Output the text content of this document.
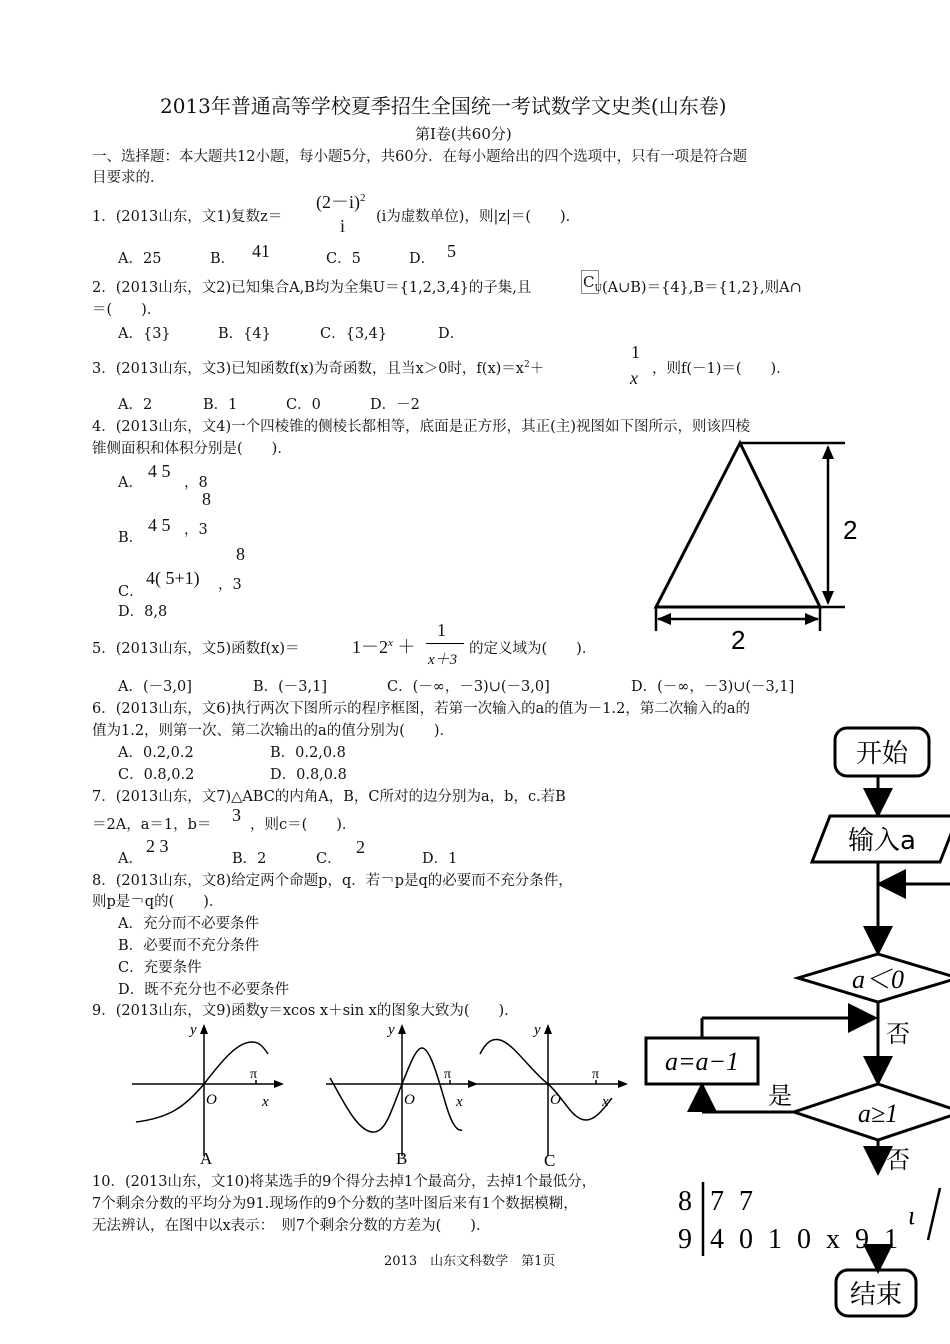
2013年普通高等学校夏季招生全国统一考试数学文史类(山东卷)
第Ⅰ卷(共60分)
一、选择题：本大题共12小题，每小题5分，共60分．在每小题给出的四个选项中，只有一项是符合题
目要求的．
1．(2013山东，文1)复数z＝
$(2-i)^2$
i (i为虚数单位)，则|z|＝(　　)．
A．25	B． 41	C．5	D． 5
2．(2013山东，文2)已知集合A,B均为全集U＝{1,2,3,4}的子集,且	$C_U$ (A∪B)＝{4},B＝{1,2},则A∩
＝(　　)．
A．{3}	B．{4}	C．{3,4}	D．
3．(2013山东，文3)已知函数f(x)为奇函数，且当x＞0时，$f(x)=x^2+$
1
x ，则f(－1)＝(　　)．
A．2	B．1	C．0	D．－2
4．(2013山东，文4)一个四棱锥的侧棱长都相等，底面是正方形，其正(主)视图如下图所示，则该四棱
锥侧面积和体积分别是(　　)．
A．
4 5
，8
8
B．
4 5 ，3
8
C．
4( 5+1) ，3
D．8,8
2
2
5．(2013山东，文5)函数f(x)＝	$1-2^x$ ＋
1
x＋3
的定义域为(　　)．
A．(－3,0]	B．(－3,1]	C．(－∞，－3)∪(－3,0]	D．(－∞，－3)∪(－3,1]
6．(2013山东，文6)执行两次下图所示的程序框图，若第一次输入的a的值为－1.2，第二次输入的a的
值为1.2，则第一次、第二次输出的a的值分别为(　　)．
A．0.2,0.2	B．0.2,0.8
C．0.8,0.2	D．0.8,0.8
开始
输入a
a＜0
否
a=a−1
a≥1
是
否
ι
结束
7．(2013山东，文7)△ABC的内角A，B，C所对的边分别为a，b，c.若B
＝2A，a＝1，b＝ 3 ，则c＝(　　)．
A．
2 3
B．2	C．
2
D．1
8．(2013山东，文8)给定两个命题p，q．若￢p是q的必要而不充分条件，
则p是￢q的(　　)．
A．充分而不必要条件
B．必要而不充分条件
C．充要条件
D．既不充分也不必要条件
9．(2013山东，文9)函数y＝xcos x＋sin x的图象大致为(　　)．
y
x
O
π
A
y
x
O
π
B
y
x
O
π
C
10．(2013山东，文10)将某选手的9个得分去掉1个最高分，去掉1个最低分，
7个剩余分数的平均分为91.现场作的9个分数的茎叶图后来有1个数据模糊，
无法辨认，在图中以x表示：　则7个剩余分数的方差为(　　)．
8 7 7
9 4 0 1 0 x 9 1
2013　山东文科数学　第1页
